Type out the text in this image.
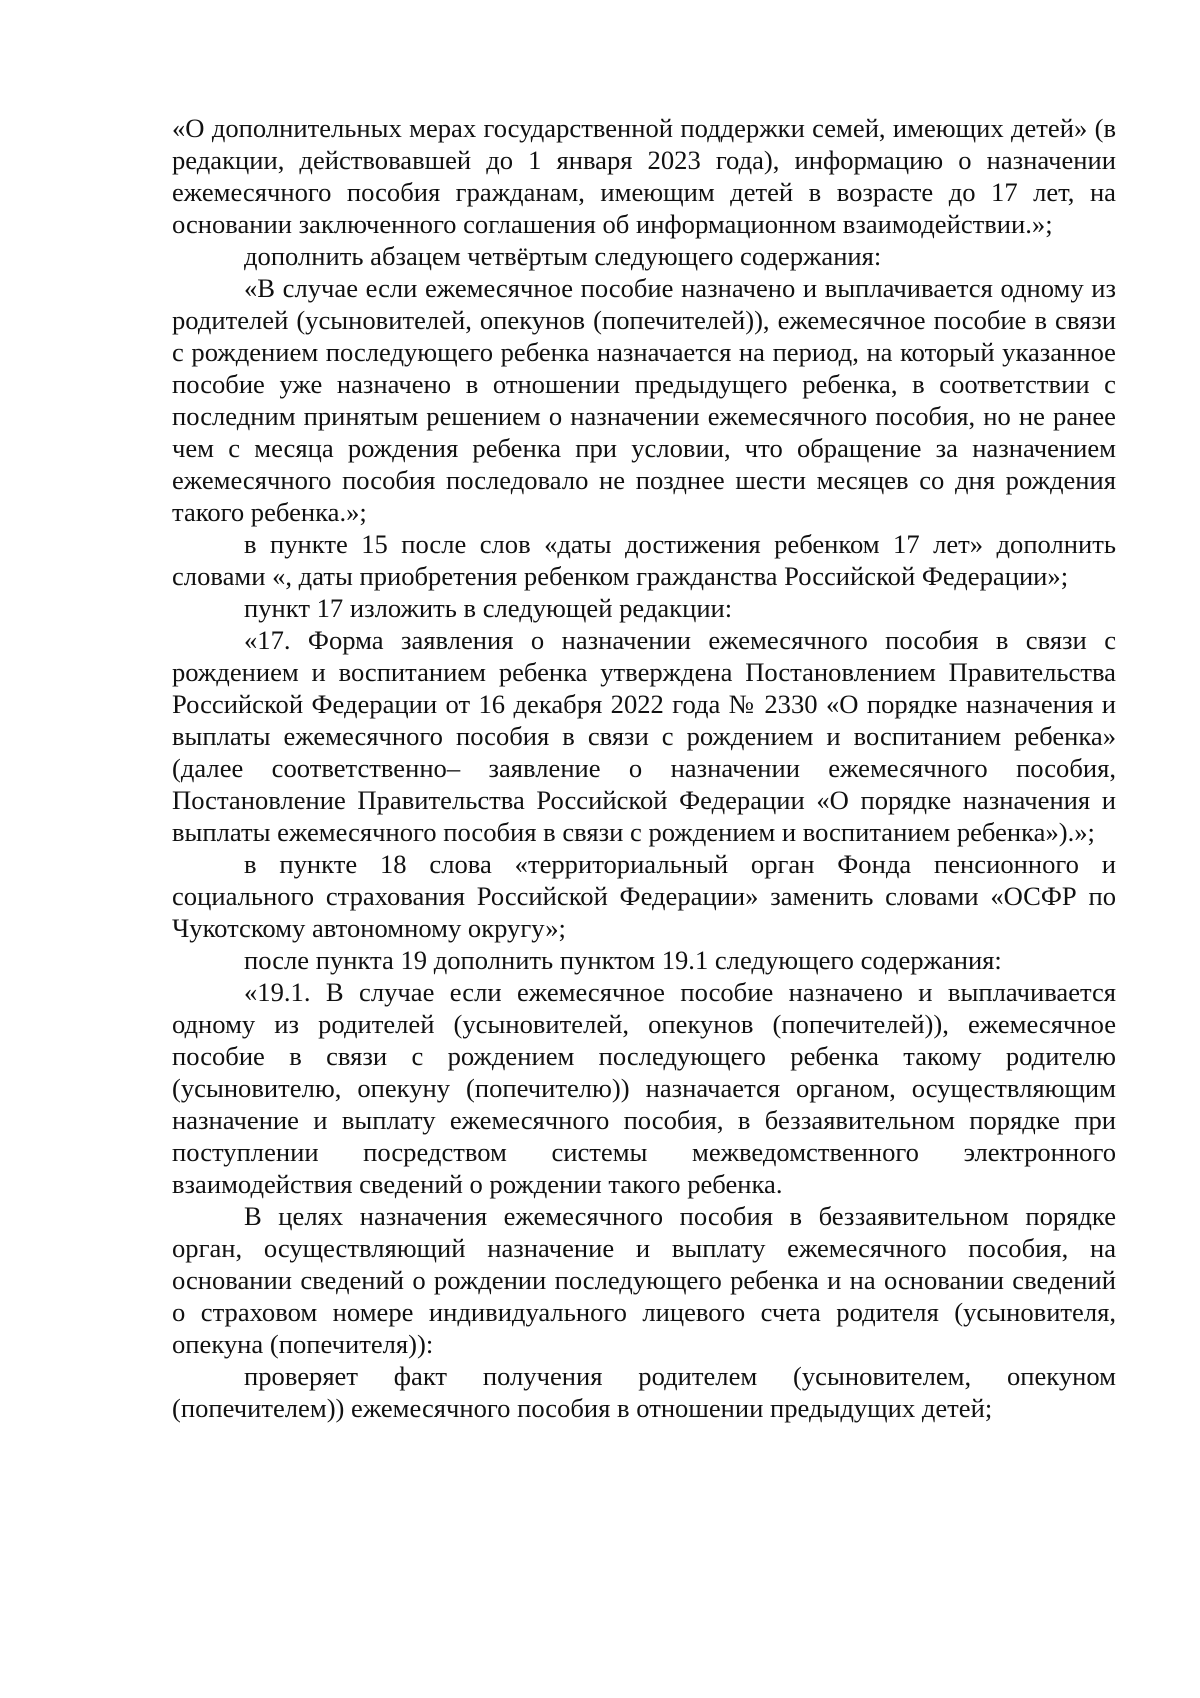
«О дополнительных мерах государственной поддержки семей, имеющих детей» (в редакции, действовавшей до 1 января 2023 года), информацию о назначении ежемесячного пособия гражданам, имеющим детей в возрасте до 17 лет, на основании заключенного соглашения об информационном взаимодействии.»;

дополнить абзацем четвёртым следующего содержания:

«В случае если ежемесячное пособие назначено и выплачивается одному из родителей (усыновителей, опекунов (попечителей)), ежемесячное пособие в связи с рождением последующего ребенка назначается на период, на который указанное пособие уже назначено в отношении предыдущего ребенка, в соответствии с последним принятым решением о назначении ежемесячного пособия, но не ранее чем с месяца рождения ребенка при условии, что обращение за назначением ежемесячного пособия последовало не позднее шести месяцев со дня рождения такого ребенка.»;

в пункте 15 после слов «даты достижения ребенком 17 лет» дополнить словами «, даты приобретения ребенком гражданства Российской Федерации»;

пункт 17 изложить в следующей редакции:

«17. Форма заявления о назначении ежемесячного пособия в связи с рождением и воспитанием ребенка утверждена Постановлением Правительства Российской Федерации от 16 декабря 2022 года № 2330 «О порядке назначения и выплаты ежемесячного пособия в связи с рождением и воспитанием ребенка» (далее соответственно– заявление о назначении ежемесячного пособия, Постановление Правительства Российской Федерации «О порядке назначения и выплаты ежемесячного пособия в связи с рождением и воспитанием ребенка»).»;

в пункте 18 слова «территориальный орган Фонда пенсионного и социального страхования Российской Федерации» заменить словами «ОСФР по Чукотскому автономному округу»;

после пункта 19 дополнить пунктом 19.1 следующего содержания:

«19.1. В случае если ежемесячное пособие назначено и выплачивается одному из родителей (усыновителей, опекунов (попечителей)), ежемесячное пособие в связи с рождением последующего ребенка такому родителю (усыновителю, опекуну (попечителю)) назначается органом, осуществляющим назначение и выплату ежемесячного пособия, в беззаявительном порядке при поступлении посредством системы межведомственного электронного взаимодействия сведений о рождении такого ребенка.

В целях назначения ежемесячного пособия в беззаявительном порядке орган, осуществляющий назначение и выплату ежемесячного пособия, на основании сведений о рождении последующего ребенка и на основании сведений о страховом номере индивидуального лицевого счета родителя (усыновителя, опекуна (попечителя)):

проверяет факт получения родителем (усыновителем, опекуном (попечителем)) ежемесячного пособия в отношении предыдущих детей;
